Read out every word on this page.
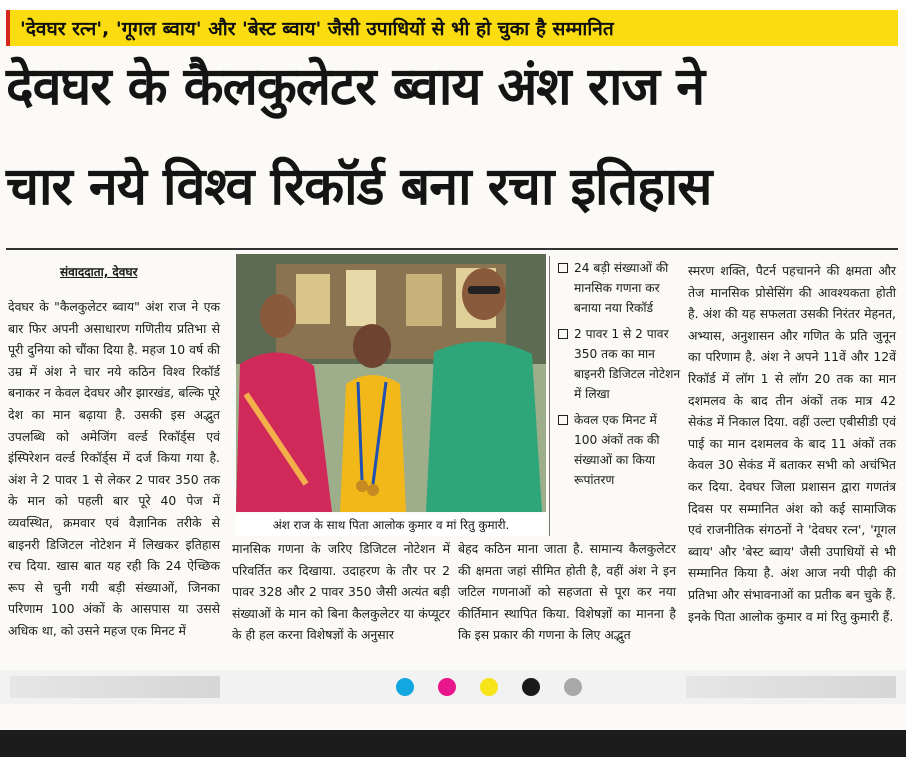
'देवघर रत्न', 'गूगल ब्वाय' और 'बेस्ट ब्वाय' जैसी उपाधियों से भी हो चुका है सम्मानित
देवघर के कैलकुलेटर ब्वाय अंश राज ने
चार नये विश्व रिकॉर्ड बना रचा इतिहास
संवाददाता, देवघर
देवघर के "कैलकुलेटर ब्वाय" अंश राज ने एक बार फिर अपनी असाधारण गणितीय प्रतिभा से पूरी दुनिया को चौंका दिया है. महज 10 वर्ष की उम्र में अंश ने चार नये कठिन विश्व रिकॉर्ड बनाकर न केवल देवघर और झारखंड, बल्कि पूरे देश का मान बढ़ाया है. उसकी इस अद्भुत उपलब्धि को अमेजिंग वर्ल्ड रिकॉर्ड्स एवं इंस्पिरेशन वर्ल्ड रिकॉर्ड्स में दर्ज किया गया है. अंश ने 2 पावर 1 से लेकर 2 पावर 350 तक के मान को पहली बार पूरे 40 पेज में व्यवस्थित, क्रमवार एवं वैज्ञानिक तरीके से बाइनरी डिजिटल नोटेशन में लिखकर इतिहास रच दिया. खास बात यह रही कि 24 ऐच्छिक रूप से चुनी गयी बड़ी संख्याओं, जिनका परिणाम 100 अंकों के आसपास या उससे अधिक था, को उसने महज एक मिनट में
अंश राज के साथ पिता आलोक कुमार व मां रितु कुमारी.
24 बड़ी संख्याओं की मानसिक गणना कर बनाया नया रिकॉर्ड
2 पावर 1 से 2 पावर 350 तक का मान बाइनरी डिजिटल नोटेशन में लिखा
केवल एक मिनट में 100 अंकों तक की संख्याओं का किया रूपांतरण
मानसिक गणना के जरिए डिजिटल नोटेशन में परिवर्तित कर दिखाया. उदाहरण के तौर पर 2 पावर 328 और 2 पावर 350 जैसी अत्यंत बड़ी संख्याओं के मान को बिना कैलकुलेटर या कंप्यूटर के ही हल करना विशेषज्ञों के अनुसार
बेहद कठिन माना जाता है. सामान्य कैलकुलेटर की क्षमता जहां सीमित होती है, वहीं अंश ने इन जटिल गणनाओं को सहजता से पूरा कर नया कीर्तिमान स्थापित किया. विशेषज्ञों का मानना है कि इस प्रकार की गणना के लिए अद्भुत
स्मरण शक्ति, पैटर्न पहचानने की क्षमता और तेज मानसिक प्रोसेसिंग की आवश्यकता होती है. अंश की यह सफलता उसकी निरंतर मेहनत, अभ्यास, अनुशासन और गणित के प्रति जुनून का परिणाम है. अंश ने अपने 11वें और 12वें रिकॉर्ड में लॉग 1 से लॉग 20 तक का मान दशमलव के बाद तीन अंकों तक मात्र 42 सेकंड में निकाल दिया. वहीं उल्टा एबीसीडी एवं पाई का मान दशमलव के बाद 11 अंकों तक केवल 30 सेकंड में बताकर सभी को अचंभित कर दिया. देवघर जिला प्रशासन द्वारा गणतंत्र दिवस पर सम्मानित अंश को कई सामाजिक एवं राजनीतिक संगठनों ने 'देवघर रत्न', 'गूगल ब्वाय' और 'बेस्ट ब्वाय' जैसी उपाधियों से भी सम्मानित किया है. अंश आज नयी पीढ़ी की प्रतिभा और संभावनाओं का प्रतीक बन चुके हैं. इनके पिता आलोक कुमार व मां रितु कुमारी हैं.
